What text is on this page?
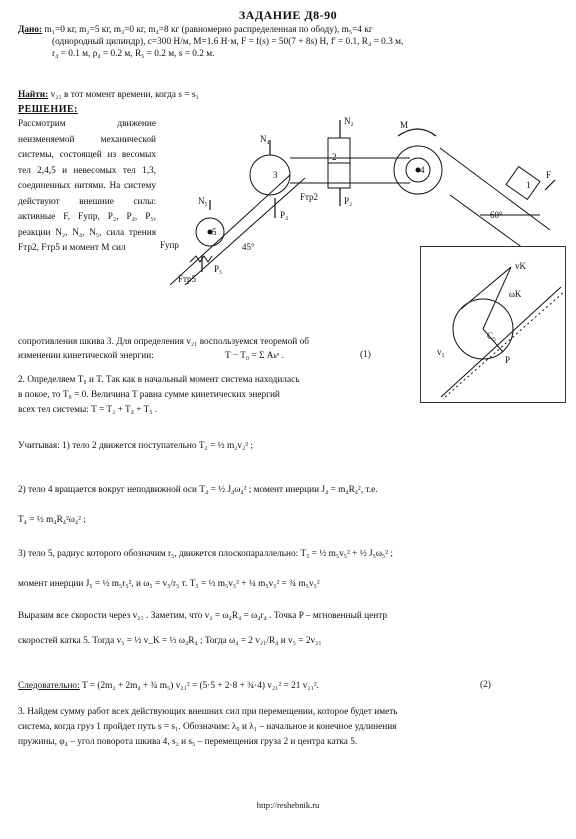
ЗАДАНИЕ Д8-90
Дано: m₁=0 кг, m₂=5 кг, m₃=0 кг, m₄=8 кг (равномерно распределенная по ободу), m₅=4 кг
(однородный цилиндр), c=300 Н/м, M=1.6 Н·м, F = f(s) = 50(7 + 8s) Н, f' = 0.1, R₄ = 0.3 м,
r₄ = 0.1 м, ρ₄ = 0.2 м, R₅ = 0.2 м, s = 0.2 м.
Найти: v₂₁ в тот момент времени, когда s = s₁
РЕШЕНИЕ:
Рассмотрим движение неизменяемой механической системы, состоящей из весомых тел 2,4,5 и невесомых тел 1,3, соединенных нитями. На систему действуют внешние силы: активные F, Fупр, P₂, P₄, P₅, реакции N₂, N₄, N₅, сила трения Fтр2, Fтр5 и момент M сил
N₂
N₄
P₂
Fтр2
P₄
M
F
P₅
N₅
Fтр5
Fупр	45°
1
2
3	4
5
60°
vK
ωK
C₅
P
v₅
сопротивления шкива 3. Для определения v₂₁ воспользуемся теоремой об
изменении кинетической энергии:	T − T₀ = Σ Aₖᵉ .	(1)
2. Определяем T₀ и T. Так как в начальный момент система находилась
в покое, то T₀ = 0. Величина T равна сумме кинетических энергий
всех тел системы: T = T₂ + T₄ + T₅ .
Учитывая: 1) тело 2 движется поступательно T₂ = ½ m₂v₂² ;
2) тело 4 вращается вокруг неподвижной оси T₄ = ½ J₄ω₄² ; момент инерции J₄ = m₄R₄², т.е.
T₄ = ½ m₄R₄²ω₄² ;
3) тело 5, радиус которого обозначим r₅, движется плоскопараллельно: T₅ = ½ m₅v₅² + ½ J₅ω₅² ;
момент инерции J₅ = ½ m₅r₅², и ω₅ = v₅/r₅ т. T₅ = ½ m₅v₅² + ¼ m₅v₅² = ¾ m₅v₅²
Выразим все скорости через v₂₁ . Заметим, что v₂ = ω₄R₄ = ω₄r₄ . Точка P – мгновенный центр
скоростей катка 5. Тогда v₅ = ½ v_K = ½ ω₄R₄ ; Тогда ω₄ = 2 v₂₁/R₄ и v₅ = 2v₂₁
Следовательно: T = (2m₂ + 2m₄ + ¾ m₅) v₂₁² = (5·5 + 2·8 + ¾·4) v₂₁² = 21 v₂₁².	(2)
3. Найдем сумму работ всех действующих внешних сил при перемещении, которое будет иметь
система, когда груз 1 пройдет путь s = s₁. Обозначим: λ₀ и λ₁ – начальное и конечное удлинения
пружины, φ₄ – угол поворота шкива 4, s₂ и s₅ – перемещения груза 2 и центра катка 5.
http://reshebnik.ru
